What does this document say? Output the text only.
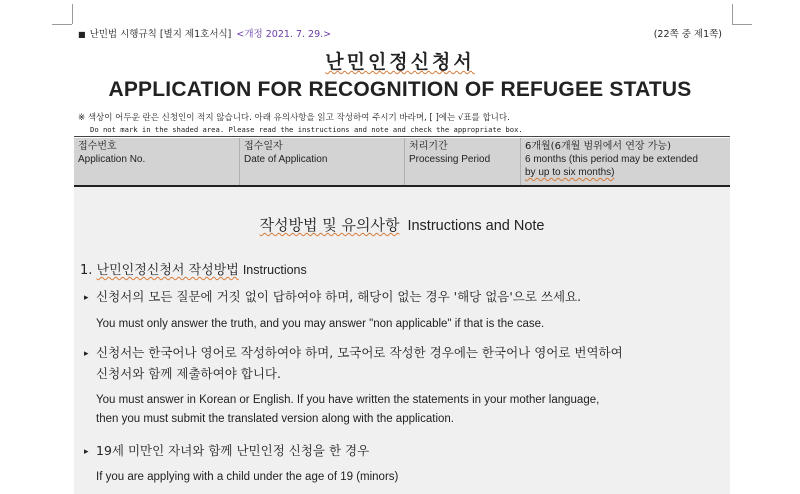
■ 난민법 시행규칙 [별지 제1호서식] <개정 2021. 7. 29.>	(22쪽 중 제1쪽)
난민인정신청서
APPLICATION FOR RECOGNITION OF REFUGEE STATUS
※ 색상이 어두운 란은 신청인이 적지 않습니다. 아래 유의사항을 읽고 작성하여 주시기 바라며, [ ]에는 √표를 합니다.
Do not mark in the shaded area. Please read the instructions and note and check the appropriate box.
접수번호
Application No.
접수일자
Date of Application
처리기간
Processing Period
6개월(6개월 범위에서 연장 가능)
6 months (this period may be extended
by up to six months)
작성방법 및 유의사항 Instructions and Note
1. 난민인정신청서 작성방법 Instructions
▸ 신청서의 모든 질문에 거짓 없이 답하여야 하며, 해당이 없는 경우 '해당 없음'으로 쓰세요.
You must only answer the truth, and you may answer "non applicable" if that is the case.
▸ 신청서는 한국어나 영어로 작성하여야 하며, 모국어로 작성한 경우에는 한국어나 영어로 번역하여
신청서와 함께 제출하여야 합니다.
You must answer in Korean or English. If you have written the statements in your mother language,
then you must submit the translated version along with the application.
▸ 19세 미만인 자녀와 함께 난민인정 신청을 한 경우
If you are applying with a child under the age of 19 (minors)
